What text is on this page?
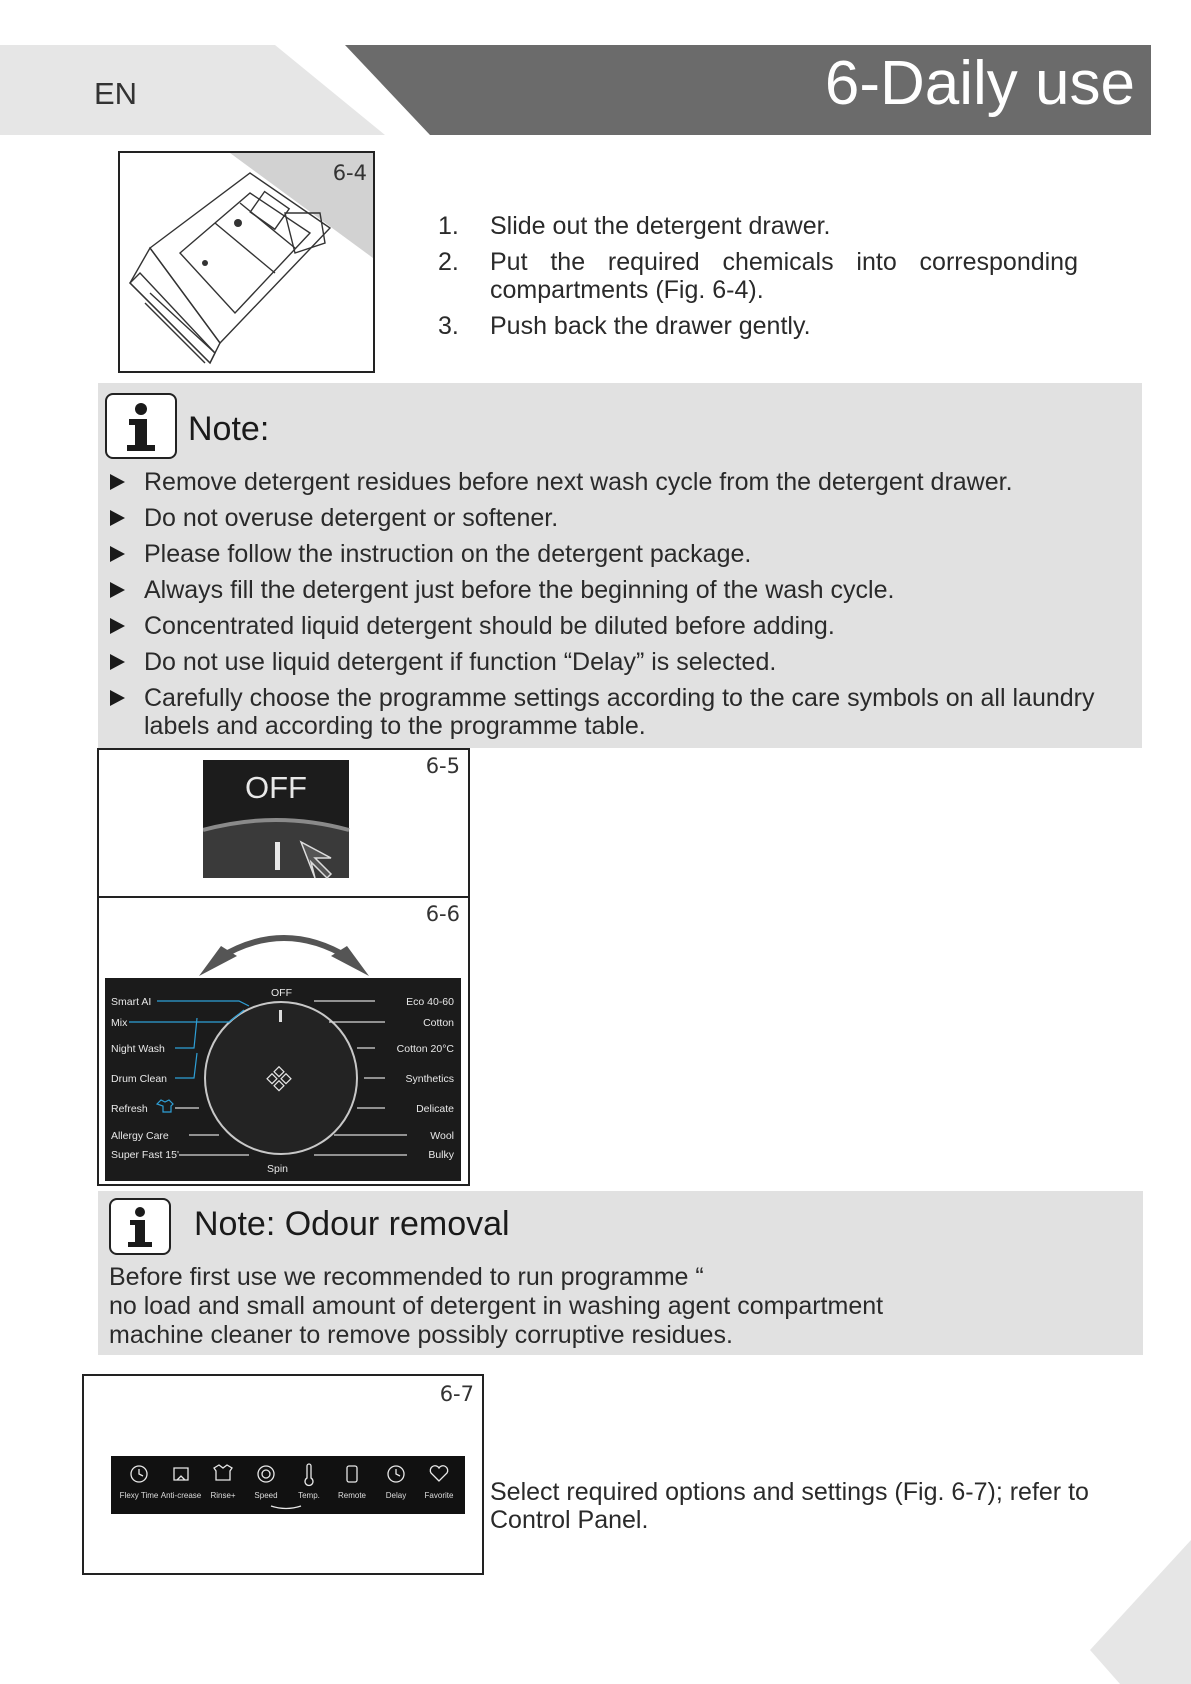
EN	6-Daily use
6-4
1. Slide out the detergent drawer.
2. Put the required chemicals into corresponding compartments (Fig. 6-4).
3. Push back the drawer gently.
Note:
Remove detergent residues before next wash cycle from the detergent drawer.
Do not overuse detergent or softener.
Please follow the instruction on the detergent package.
Always fill the detergent just before the beginning of the wash cycle.
Concentrated liquid detergent should be diluted before adding.
Do not use liquid detergent if function “Delay” is selected.
Carefully choose the programme settings according to the care symbols on all laundry labels and according to the programme table.
OFF
6-5
6-6
OFF
Spin
Smart AI
Mix
Night Wash
Drum Clean
Refresh
Allergy Care
Super Fast 15'
Eco 40-60
Cotton
Cotton 20°C
Synthetics
Delicate
Wool
Bulky
Note: Odour removal
Before first use we recommended to run programme “
no load and small amount of detergent in washing agent compartment
machine cleaner to remove possibly corruptive residues.
6-7
Flexy Time Anti-crease Rinse+ Speed	Temp. Remote Delay Favorite Select required options and settings (Fig. 6-7); refer to Control Panel.
